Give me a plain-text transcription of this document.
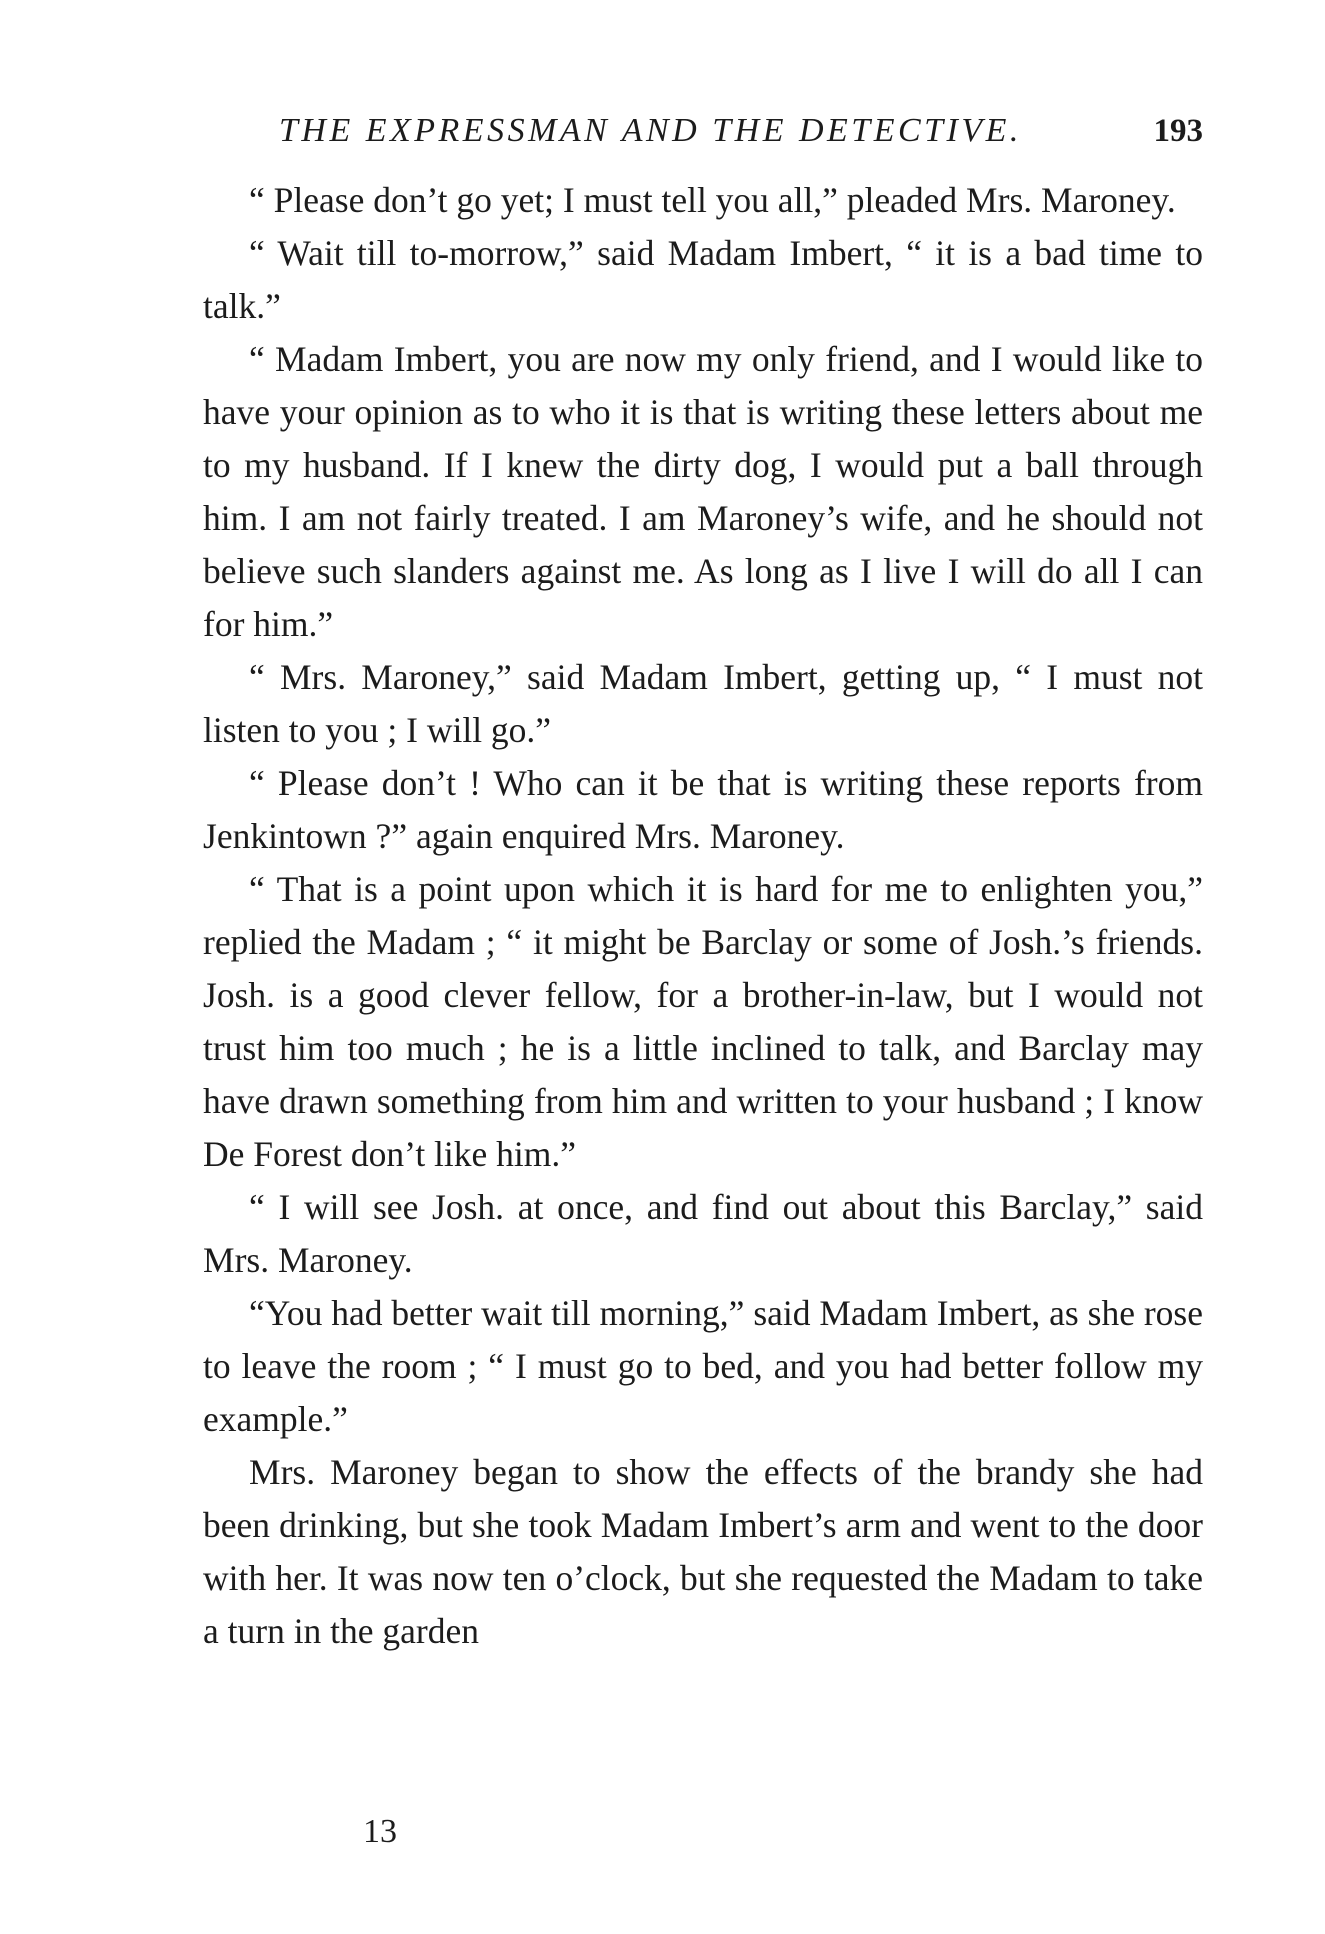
THE EXPRESSMAN AND THE DETECTIVE.	193

“ Please don’t go yet; I must tell you all,” pleaded Mrs. Maroney.

“ Wait till to-morrow,” said Madam Imbert, “ it is a bad time to talk.”

“ Madam Imbert, you are now my only friend, and I would like to have your opinion as to who it is that is writing these letters about me to my husband. If I knew the dirty dog, I would put a ball through him. I am not fairly treated. I am Maroney’s wife, and he should not believe such slanders against me. As long as I live I will do all I can for him.”

“ Mrs. Maroney,” said Madam Imbert, getting up, “ I must not listen to you ; I will go.”

“ Please don’t ! Who can it be that is writing these reports from Jenkintown ?” again enquired Mrs. Maroney.

“ That is a point upon which it is hard for me to enlighten you,” replied the Madam ; “ it might be Barclay or some of Josh.’s friends. Josh. is a good clever fellow, for a brother-in-law, but I would not trust him too much ; he is a little inclined to talk, and Barclay may have drawn something from him and written to your husband ; I know De Forest don’t like him.”

“ I will see Josh. at once, and find out about this Barclay,” said Mrs. Maroney.

“You had better wait till morning,” said Madam Imbert, as she rose to leave the room ; “ I must go to bed, and you had better follow my example.”

Mrs. Maroney began to show the effects of the brandy she had been drinking, but she took Madam Imbert’s arm and went to the door with her. It was now ten o’clock, but she requested the Madam to take a turn in the garden

13
